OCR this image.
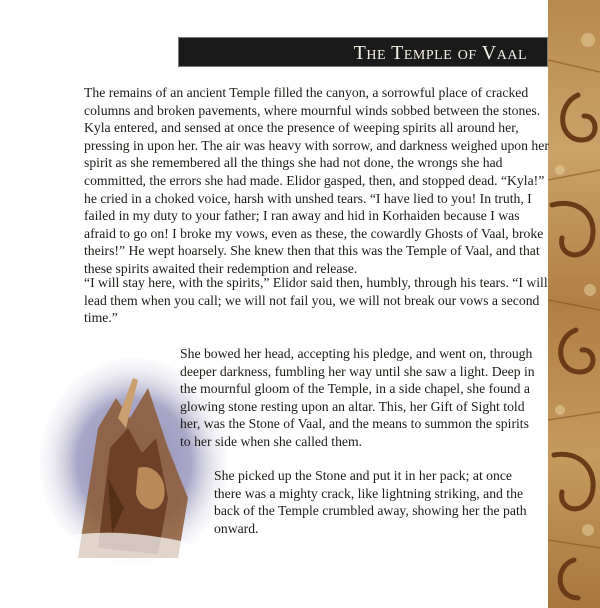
The Temple of Vaal

The remains of an ancient Temple filled the canyon, a sorrowful place of cracked columns and broken pavements, where mournful winds sobbed between the stones. Kyla entered, and sensed at once the presence of weeping spirits all around her, pressing in upon her. The air was heavy with sorrow, and darkness weighed upon her spirit as she remembered all the things she had not done, the wrongs she had committed, the errors she had made. Elidor gasped, then, and stopped dead. “Kyla!” he cried in a choked voice, harsh with unshed tears. “I have lied to you! In truth, I failed in my duty to your father; I ran away and hid in Korhaiden because I was afraid to go on! I broke my vows, even as these, the cowardly Ghosts of Vaal, broke theirs!” He wept hoarsely. She knew then that this was the Temple of Vaal, and that these spirits awaited their redemption and release.

“I will stay here, with the spirits,” Elidor said then, humbly, through his tears. “I will lead them when you call; we will not fail you, we will not break our vows a second time.”

She bowed her head, accepting his pledge, and went on, through deeper darkness, fumbling her way until she saw a light. Deep in the mournful gloom of the Temple, in a side chapel, she found a glowing stone resting upon an altar. This, her Gift of Sight told her, was the Stone of Vaal, and the means to summon the spirits to her side when she called them.

She picked up the Stone and put it in her pack; at once there was a mighty crack, like lightning striking, and the back of the Temple crumbled away, showing her the path onward.
